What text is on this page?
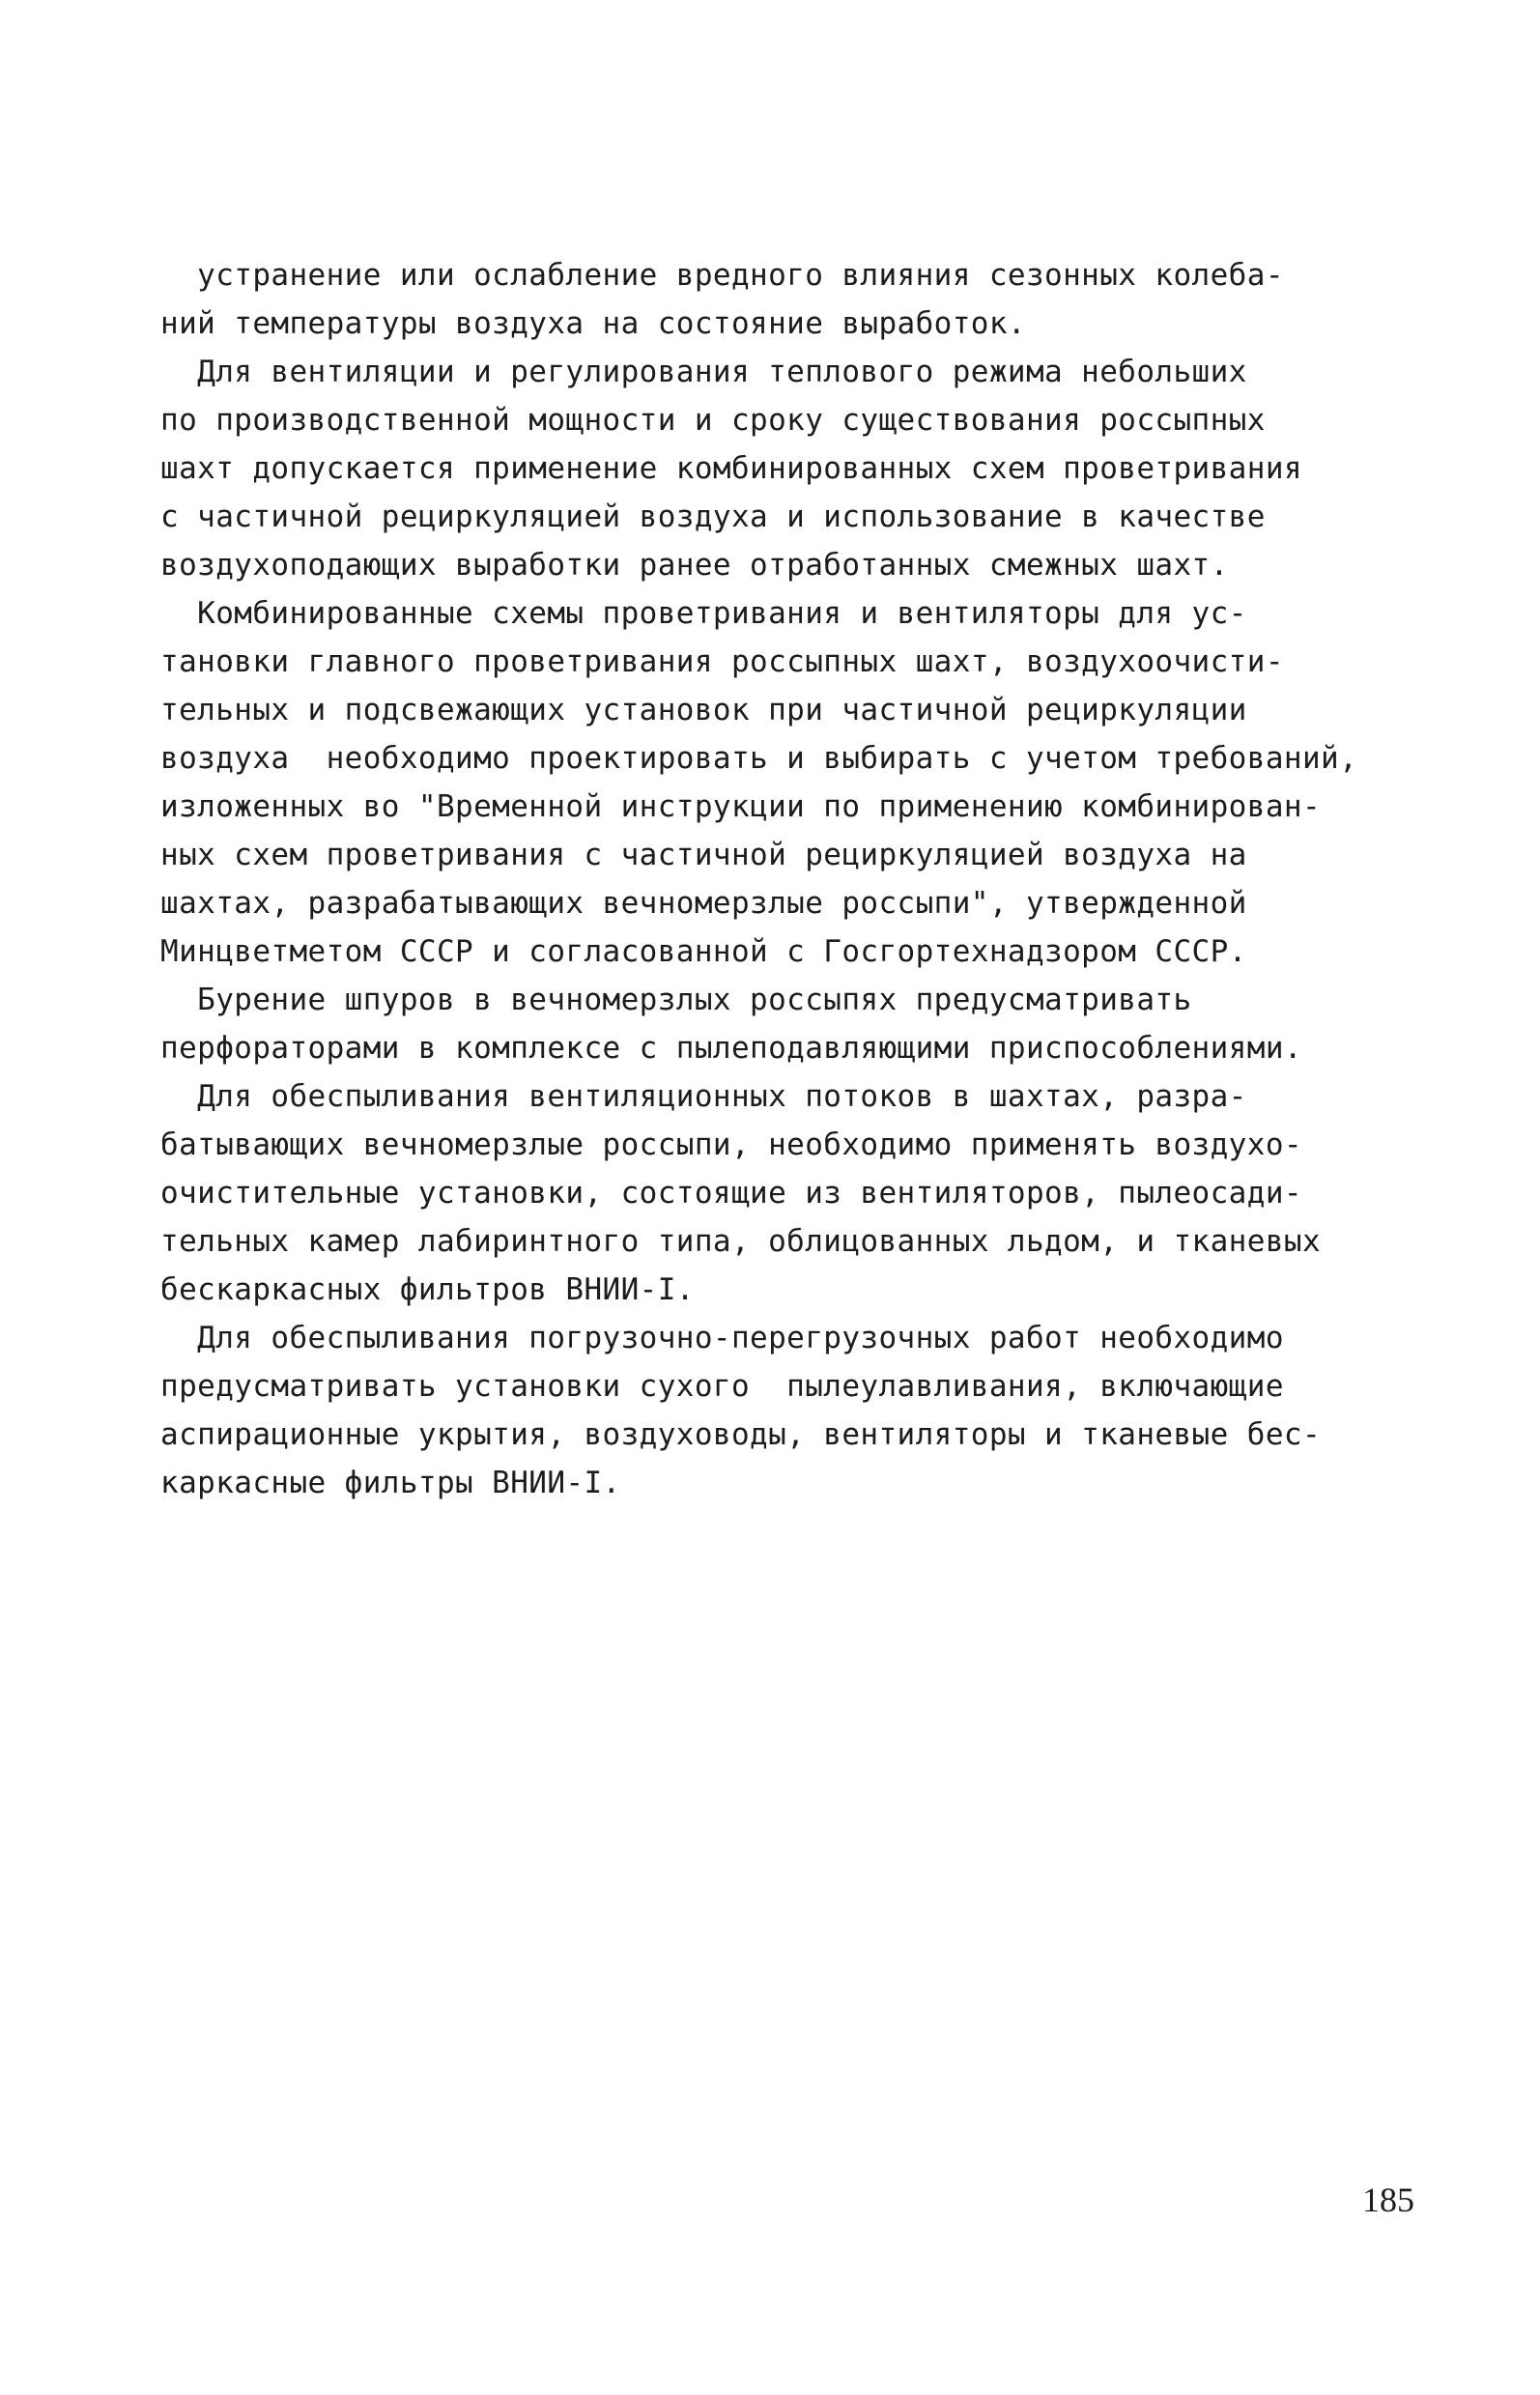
устранение или ослабление вредного влияния сезонных колеба-
ний температуры воздуха на состояние выработок.
Для вентиляции и регулирования теплового режима небольших
по производственной мощности и сроку существования россыпных
шахт допускается применение комбинированных схем проветривания
с частичной рециркуляцией воздуха и использование в качестве
воздухоподающих выработки ранее отработанных смежных шахт.
Комбинированные схемы проветривания и вентиляторы для ус-
тановки главного проветривания россыпных шахт, воздухоочисти-
тельных и подсвежающих установок при частичной рециркуляции
воздуха  необходимо проектировать и выбирать с учетом требований,
изложенных во "Временной инструкции по применению комбинирован-
ных схем проветривания с частичной рециркуляцией воздуха на
шахтах, разрабатывающих вечномерзлые россыпи", утвержденной
Минцветметом СССР и согласованной с Госгортехнадзором СССР.
Бурение шпуров в вечномерзлых россыпях предусматривать
перфораторами в комплексе с пылеподавляющими приспособлениями.
Для обеспыливания вентиляционных потоков в шахтах, разра-
батывающих вечномерзлые россыпи, необходимо применять воздухо-
очистительные установки, состоящие из вентиляторов, пылеосади-
тельных камер лабиринтного типа, облицованных льдом, и тканевых
бескаркасных фильтров ВНИИ-I.
Для обеспыливания погрузочно-перегрузочных работ необходимо
предусматривать установки сухого  пылеулавливания, включающие
аспирационные укрытия, воздуховоды, вентиляторы и тканевые бес-
каркасные фильтры ВНИИ-I.
185
